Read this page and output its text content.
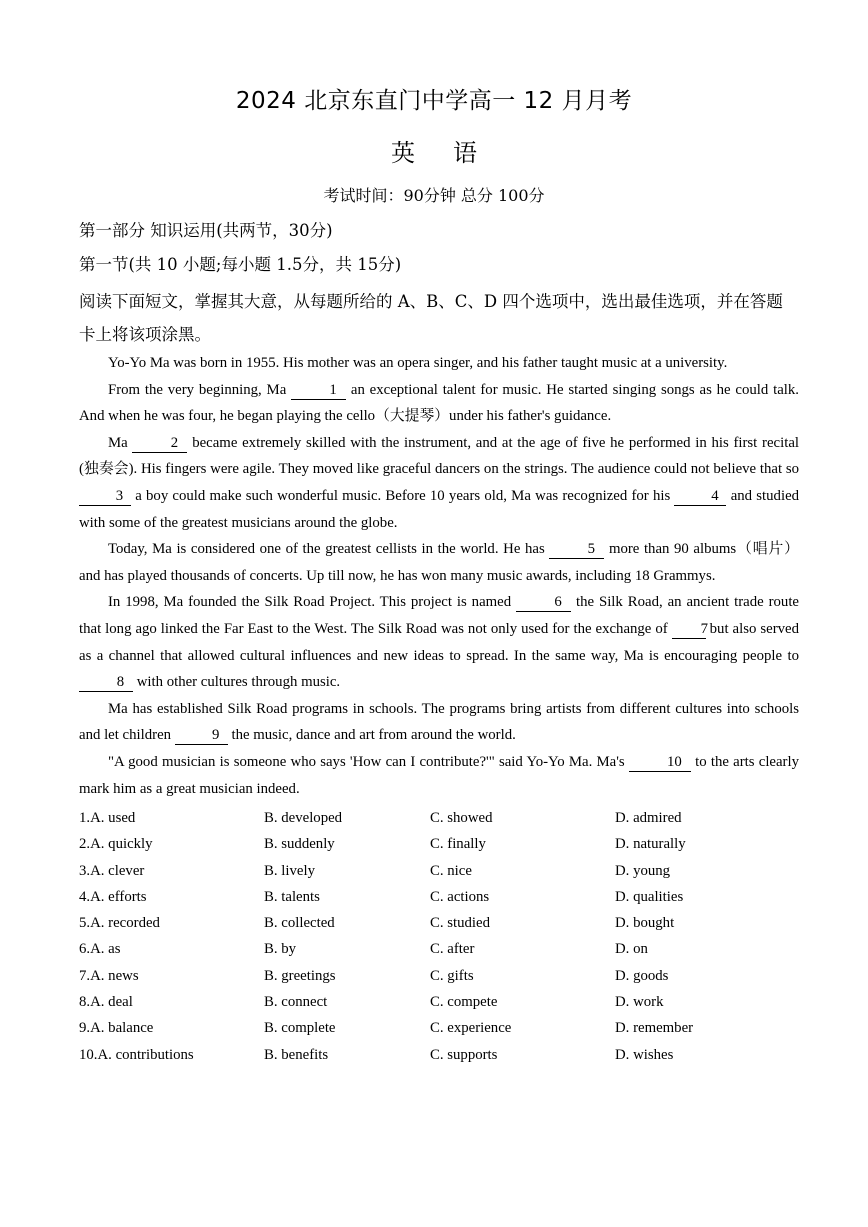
2024 北京东直门中学高一 12 月月考
英语
考试时间：90分钟 总分 100分
第一部分 知识运用(共两节，30分)
第一节(共 10 小题;每小题 1.5分，共 15分)
阅读下面短文，掌握其大意，从每题所给的 A、B、C、D 四个选项中，选出最佳选项，并在答题卡上将该项涂黑。

Yo-Yo Ma was born in 1955. His mother was an opera singer, and his father taught music at a university.

From the very beginning, Ma	1 an exceptional talent for music. He started singing songs as he could talk. And when he was four, he began playing the cello（大提琴）under his father's guidance.

Ma	2 became extremely skilled with the instrument, and at the age of five he performed in his first recital (独奏会). His fingers were agile. They moved like graceful dancers on the strings. The audience could not believe that so 3 a boy could make such wonderful music. Before 10 years old, Ma was recognized for his	4 and studied with some of the greatest musicians around the globe.

Today, Ma is considered one of the greatest cellists in the world. He has	5 more than 90 albums（唱片）and has played thousands of concerts. Up till now, he has won many music awards, including 18 Grammys.

In 1998, Ma founded the Silk Road Project. This project is named	6 the Silk Road, an ancient trade route that long ago linked the Far East to the West. The Silk Road was not only used for the exchange of 7 but also served as a channel that allowed cultural influences and new ideas to spread. In the same way, Ma is encouraging people to 8 with other cultures through music.

Ma has established Silk Road programs in schools. The programs bring artists from different cultures into schools and let children	9 the music, dance and art from around the world.

"A good musician is someone who says 'How can I contribute?'" said Yo-Yo Ma. Ma's	10 to the arts clearly mark him as a great musician indeed.

1.A. used	B. developed	C. showed	D. admired
2.A. quickly	B. suddenly	C. finally	D. naturally
3.A. clever	B. lively	C. nice	D. young
4.A. efforts	B. talents	C. actions	D. qualities
5.A. recorded	B. collected	C. studied	D. bought
6.A. as	B. by	C. after	D. on
7.A. news	B. greetings	C. gifts	D. goods
8.A. deal	B. connect	C. compete	D. work
9.A. balance	B. complete	C. experience	D. remember
10.A. contributions	B. benefits	C. supports	D. wishes
